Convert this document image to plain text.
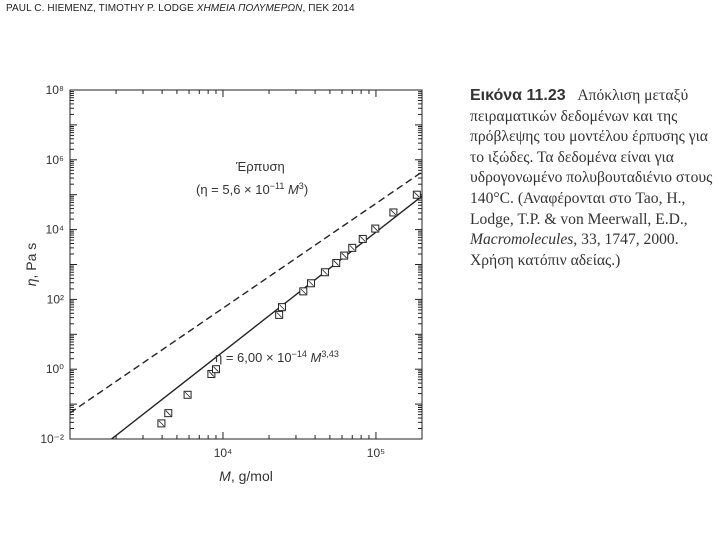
PAUL C. HIEMENZ, TIMOTHY P. LODGE ΧΗΜΕΙΑ ΠΟΛΥΜΕΡΩΝ, ΠΕΚ 2014
10⁴	10⁵
10⁻²
10⁰
10²
10⁴
10⁶
10⁸
M, g/mol
η, Pa s
Έρπυση
($\eta = 5,6 \times 10^{-11}$ $M^3$)
$\eta = 6,00 \times 10^{-14}$ M$^{3,43}$
Εικόνα 11.23 Απόκλιση μεταξύ πειραματικών δεδομένων και της πρόβλεψης του μοντέλου έρπυσης για το ιξώδες. Τα δεδομένα είναι για υδρογονωμένο πολυβουταδιένιο στους 140°C. (Αναφέρονται στο Tao, H., Lodge, T.P. & von Meerwall, E.D., Macromolecules, 33, 1747, 2000. Χρήση κατόπιν αδείας.)
